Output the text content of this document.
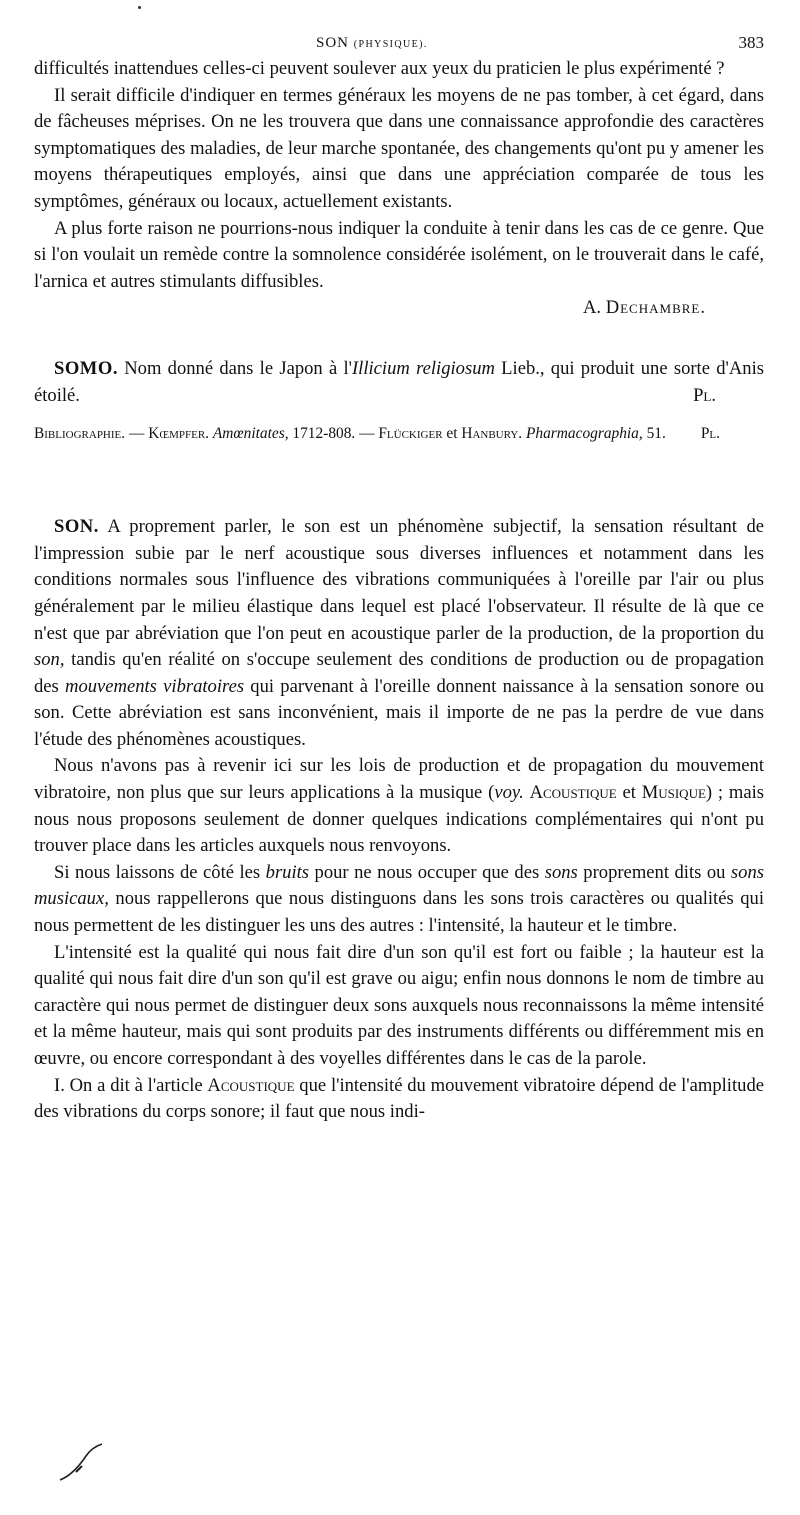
SON (PHYSIQUE).	383

difficultés inattendues celles-ci peuvent soulever aux yeux du praticien le plus expérimenté ?

Il serait difficile d'indiquer en termes généraux les moyens de ne pas tomber, à cet égard, dans de fâcheuses méprises. On ne les trouvera que dans une connaissance approfondie des caractères symptomatiques des maladies, de leur marche spontanée, des changements qu'ont pu y amener les moyens thérapeutiques employés, ainsi que dans une appréciation comparée de tous les symptômes, généraux ou locaux, actuellement existants.

A plus forte raison ne pourrions-nous indiquer la conduite à tenir dans les cas de ce genre. Que si l'on voulait un remède contre la somnolence considérée isolément, on le trouverait dans le café, l'arnica et autres stimulants diffusibles.

A. Dechambre.

SOMO. Nom donné dans le Japon à l'Illicium religiosum Lieb., qui produit une sorte d'Anis étoilé.	Pl.

Bibliographie. — Kœmpfer. Amœnitates, 1712-808. — Flückiger et Hanbury. Pharmacographia, 51. Pl.

SON. A proprement parler, le son est un phénomène subjectif, la sensation résultant de l'impression subie par le nerf acoustique sous diverses influences et notamment dans les conditions normales sous l'influence des vibrations communiquées à l'oreille par l'air ou plus généralement par le milieu élastique dans lequel est placé l'observateur. Il résulte de là que ce n'est que par abréviation que l'on peut en acoustique parler de la production, de la proportion du son, tandis qu'en réalité on s'occupe seulement des conditions de production ou de propagation des mouvements vibratoires qui parvenant à l'oreille donnent naissance à la sensation sonore ou son. Cette abréviation est sans inconvénient, mais il importe de ne pas la perdre de vue dans l'étude des phénomènes acoustiques.

Nous n'avons pas à revenir ici sur les lois de production et de propagation du mouvement vibratoire, non plus que sur leurs applications à la musique (voy. Acoustique et Musique) ; mais nous nous proposons seulement de donner quelques indications complémentaires qui n'ont pu trouver place dans les articles auxquels nous renvoyons.

Si nous laissons de côté les bruits pour ne nous occuper que des sons proprement dits ou sons musicaux, nous rappellerons que nous distinguons dans les sons trois caractères ou qualités qui nous permettent de les distinguer les uns des autres : l'intensité, la hauteur et le timbre.

L'intensité est la qualité qui nous fait dire d'un son qu'il est fort ou faible ; la hauteur est la qualité qui nous fait dire d'un son qu'il est grave ou aigu; enfin nous donnons le nom de timbre au caractère qui nous permet de distinguer deux sons auxquels nous reconnaissons la même intensité et la même hauteur, mais qui sont produits par des instruments différents ou différemment mis en œuvre, ou encore correspondant à des voyelles différentes dans le cas de la parole.

I. On a dit à l'article Acoustique que l'intensité du mouvement vibratoire dépend de l'amplitude des vibrations du corps sonore; il faut que nous indi-
